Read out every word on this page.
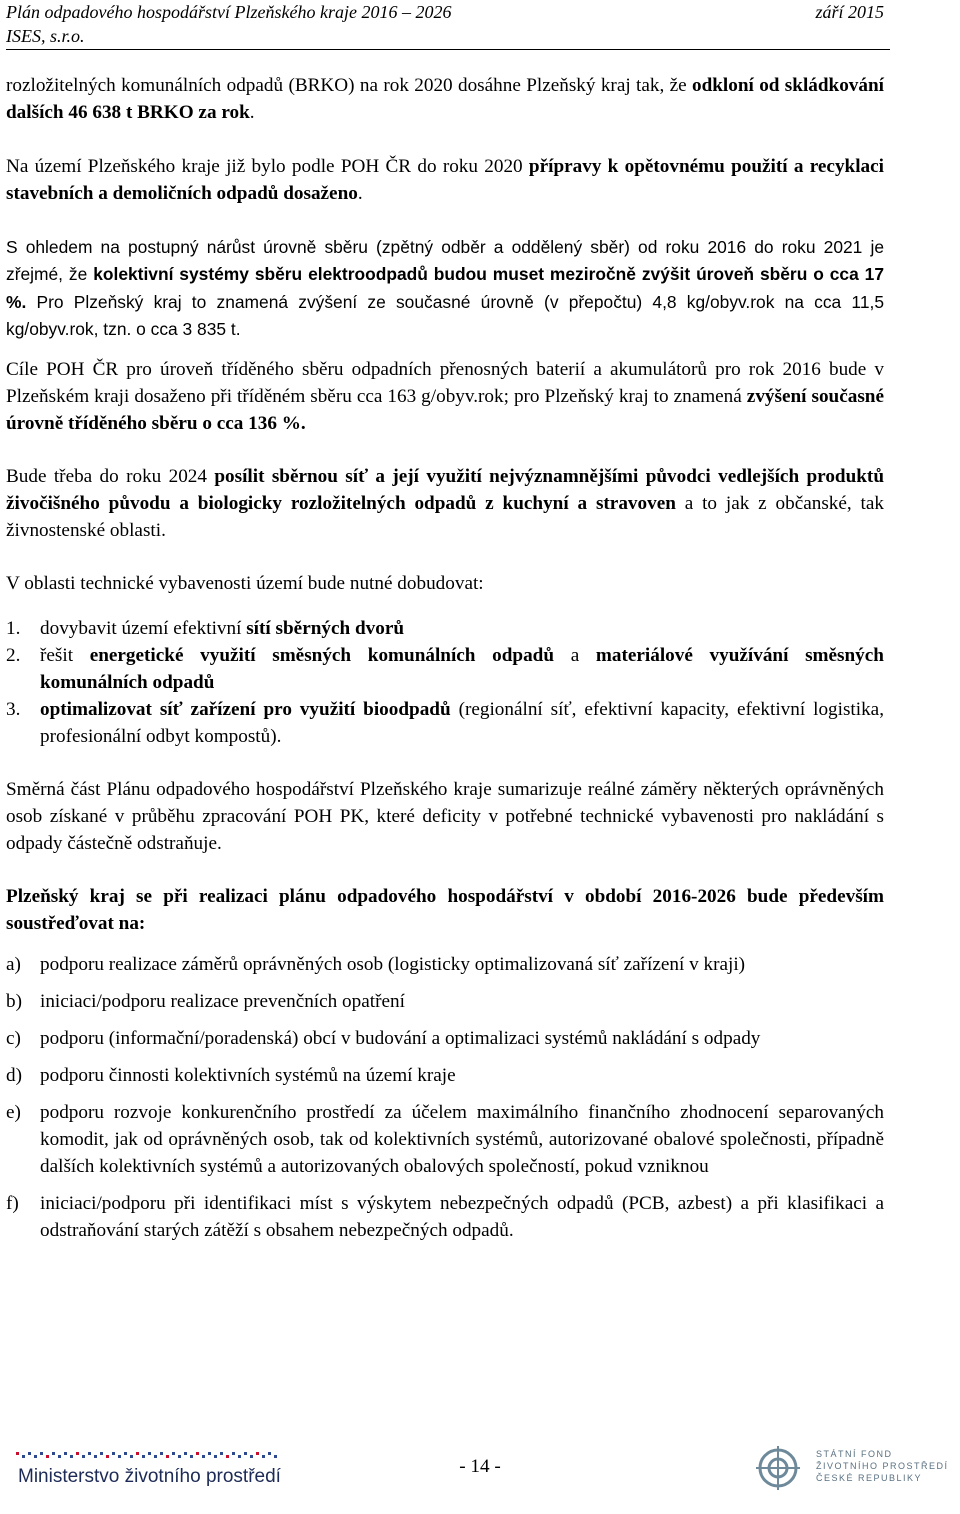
Plán odpadového hospodářství Plzeňského kraje 2016 – 2026	září 2015
ISES, s.r.o.

rozložitelných komunálních odpadů (BRKO) na rok 2020 dosáhne Plzeňský kraj tak, že odkloní od skládkování dalších 46 638 t BRKO za rok.

Na území Plzeňského kraje již bylo podle POH ČR do roku 2020 přípravy k opětovnému použití a recyklaci stavebních a demoličních odpadů dosaženo.

S ohledem na postupný nárůst úrovně sběru (zpětný odběr a oddělený sběr) od roku 2016 do roku 2021 je zřejmé, že kolektivní systémy sběru elektroodpadů budou muset meziročně zvýšit úroveň sběru o cca 17 %. Pro Plzeňský kraj to znamená zvýšení ze současné úrovně (v přepočtu) 4,8 kg/obyv.rok na cca 11,5 kg/obyv.rok, tzn. o cca 3 835 t.

Cíle POH ČR pro úroveň tříděného sběru odpadních přenosných baterií a akumulátorů pro rok 2016 bude v Plzeňském kraji dosaženo při tříděném sběru cca 163 g/obyv.rok; pro Plzeňský kraj to znamená zvýšení současné úrovně tříděného sběru o cca 136 %.

Bude třeba do roku 2024 posílit sběrnou síť a její využití nejvýznamnějšími původci vedlejších produktů živočišného původu a biologicky rozložitelných odpadů z kuchyní a stravoven a to jak z občanské, tak živnostenské oblasti.

V oblasti technické vybavenosti území bude nutné dobudovat:

1. dovybavit území efektivní sítí sběrných dvorů
2. řešit energetické využití směsných komunálních odpadů a materiálové využívání směsných komunálních odpadů
3. optimalizovat síť zařízení pro využití bioodpadů (regionální síť, efektivní kapacity, efektivní logistika, profesionální odbyt kompostů).

Směrná část Plánu odpadového hospodářství Plzeňského kraje sumarizuje reálné záměry některých oprávněných osob získané v průběhu zpracování POH PK, které deficity v potřebné technické vybavenosti pro nakládání s odpady částečně odstraňuje.

Plzeňský kraj se při realizaci plánu odpadového hospodářství v období 2016-2026 bude především soustřeďovat na:

a) podporu realizace záměrů oprávněných osob (logisticky optimalizovaná síť zařízení v kraji)
b) iniciaci/podporu realizace prevenčních opatření
c) podporu (informační/poradenská) obcí v budování a optimalizaci systémů nakládání s odpady
d) podporu činnosti kolektivních systémů na území kraje
e) podporu rozvoje konkurenčního prostředí za účelem maximálního finančního zhodnocení separovaných komodit, jak od oprávněných osob, tak od kolektivních systémů, autorizované obalové společnosti, případně dalších kolektivních systémů a autorizovaných obalových společností, pokud vzniknou
f) iniciaci/podporu při identifikaci míst s výskytem nebezpečných odpadů (PCB, azbest) a při klasifikaci a odstraňování starých zátěží s obsahem nebezpečných odpadů.
Ministerstvo životního prostředí	- 14 -
STÁTNÍ FOND
ŽIVOTNÍHO PROSTŘEDÍ
ČESKÉ REPUBLIKY
